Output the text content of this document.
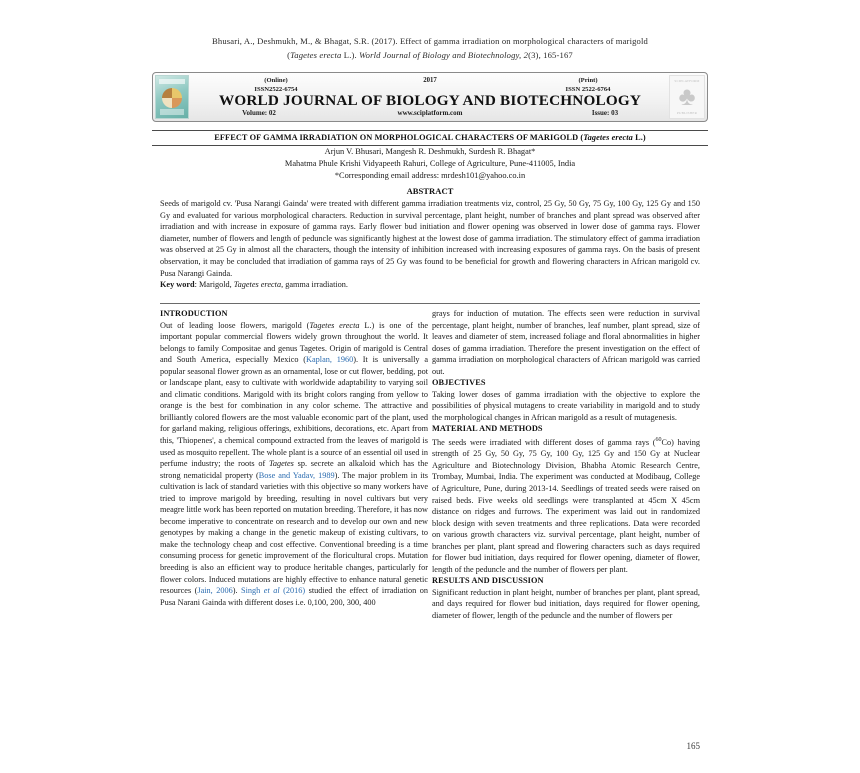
Bhusari, A., Deshmukh, M., & Bhagat, S.R. (2017). Effect of gamma irradiation on morphological characters of marigold
(Tagetes erecta L.). World Journal of Biology and Biotechnology, 2(3), 165-167
(Online)
ISSN2522-6754
2017	(Print)
ISSN 2522-6764
WORLD JOURNAL OF BIOLOGY AND BIOTECHNOLOGY
Volume: 02	www.sciplatform.com	Issue: 03
SCIPLATFORM
♣
PUBLISHER
EFFECT OF GAMMA IRRADIATION ON MORPHOLOGICAL CHARACTERS OF MARIGOLD (Tagetes erecta L.)
Arjun V. Bhusari, Mangesh R. Deshmukh, Surdesh R. Bhagat*
Mahatma Phule Krishi Vidyapeeth Rahuri, College of Agriculture, Pune-411005, India
*Corresponding email address: mrdesh101@yahoo.co.in
ABSTRACT
Seeds of marigold cv. 'Pusa Narangi Gainda' were treated with different gamma irradiation treatments viz, control, 25 Gy, 50 Gy, 75 Gy, 100 Gy, 125 Gy and 150 Gy and evaluated for various morphological characters. Reduction in survival percentage, plant height, number of branches and plant spread was observed after irradiation and with increase in exposure of gamma rays. Early flower bud initiation and flower opening was observed in lower dose of gamma rays. Flower diameter, number of flowers and length of peduncle was significantly highest at the lowest dose of gamma irradiation. The stimulatory effect of gamma irradiation was observed at 25 Gy in almost all the characters, though the intensity of inhibition increased with increasing exposures of gamma rays. On the basis of present observation, it may be concluded that irradiation of gamma rays of 25 Gy was found to be beneficial for growth and flowering characters in African marigold cv. Pusa Narangi Gainda.
Key word: Marigold, Tagetes erecta, gamma irradiation.
INTRODUCTION

Out of leading loose flowers, marigold (Tagetes erecta L.) is one of the important popular commercial flowers widely grown throughout the world. It belongs to family Compositae and genus Tagetes. Origin of marigold is Central and South America, especially Mexico (Kaplan, 1960). It is universally a popular seasonal flower grown as an ornamental, lose or cut flower, bedding, pot or landscape plant, easy to cultivate with worldwide adaptability to varying soil and climatic conditions. Marigold with its bright colors ranging from yellow to orange is the best for combination in any color scheme. The attractive and brilliantly colored flowers are the most valuable economic part of the plant, used for garland making, religious offerings, exhibitions, decorations, etc. Apart from this, 'Thiopenes', a chemical compound extracted from the leaves of marigold is used as mosquito repellent. The whole plant is a source of an essential oil used in perfume industry; the roots of Tagetes sp. secrete an alkaloid which has the strong nematicidal property (Bose and Yadav, 1989). The major problem in its cultivation is lack of standard varieties with this objective so many workers have tried to improve marigold by breeding, resulting in novel cultivars but very meagre little work has been reported on mutation breeding. Therefore, it has now become imperative to concentrate on research and to develop our own and new genotypes by making a change in the genetic makeup of existing cultivars, to make the technology cheap and cost effective. Conventional breeding is a time consuming process for genetic improvement of the floricultural crops. Mutation breeding is also an efficient way to produce heritable changes, particularly for flower colors. Induced mutations are highly effective to enhance natural genetic resources (Jain, 2006). Singh et al (2016) studied the effect of irradiation on Pusa Narani Gainda with different doses i.e. 0,100, 200, 300, 400

grays for induction of mutation. The effects seen were reduction in survival percentage, plant height, number of branches, leaf number, plant spread, size of leaves and diameter of stem, increased foliage and floral abnormalities in higher doses of gamma irradiation. Therefore the present investigation on the effect of gamma irradiation on morphological characters of African marigold was carried out.

OBJECTIVES

Taking lower doses of gamma irradiation with the objective to explore the possibilities of physical mutagens to create variability in marigold and to study the morphological changes in African marigold as a result of mutagenesis.

MATERIAL AND METHODS

The seeds were irradiated with different doses of gamma rays ($^{60}$Co) having strength of 25 Gy, 50 Gy, 75 Gy, 100 Gy, 125 Gy and 150 Gy at Nuclear Agriculture and Biotechnology Division, Bhabha Atomic Research Centre, Trombay, Mumbai, India. The experiment was conducted at Modibaug, College of Agriculture, Pune, during 2013-14. Seedlings of treated seeds were raised on raised beds. Five weeks old seedlings were transplanted at 45cm X 45cm distance on ridges and furrows. The experiment was laid out in randomized block design with seven treatments and three replications. Data were recorded on various growth characters viz. survival percentage, plant height, number of branches per plant, plant spread and flowering characters such as days required for flower bud initiation, days required for flower opening, diameter of flower, length of the peduncle and the number of flowers per plant.

RESULTS AND DISCUSSION

Significant reduction in plant height, number of branches per plant, plant spread, and days required for flower bud initiation, days required for flower opening, diameter of flower, length of the peduncle and the number of flowers per

165
